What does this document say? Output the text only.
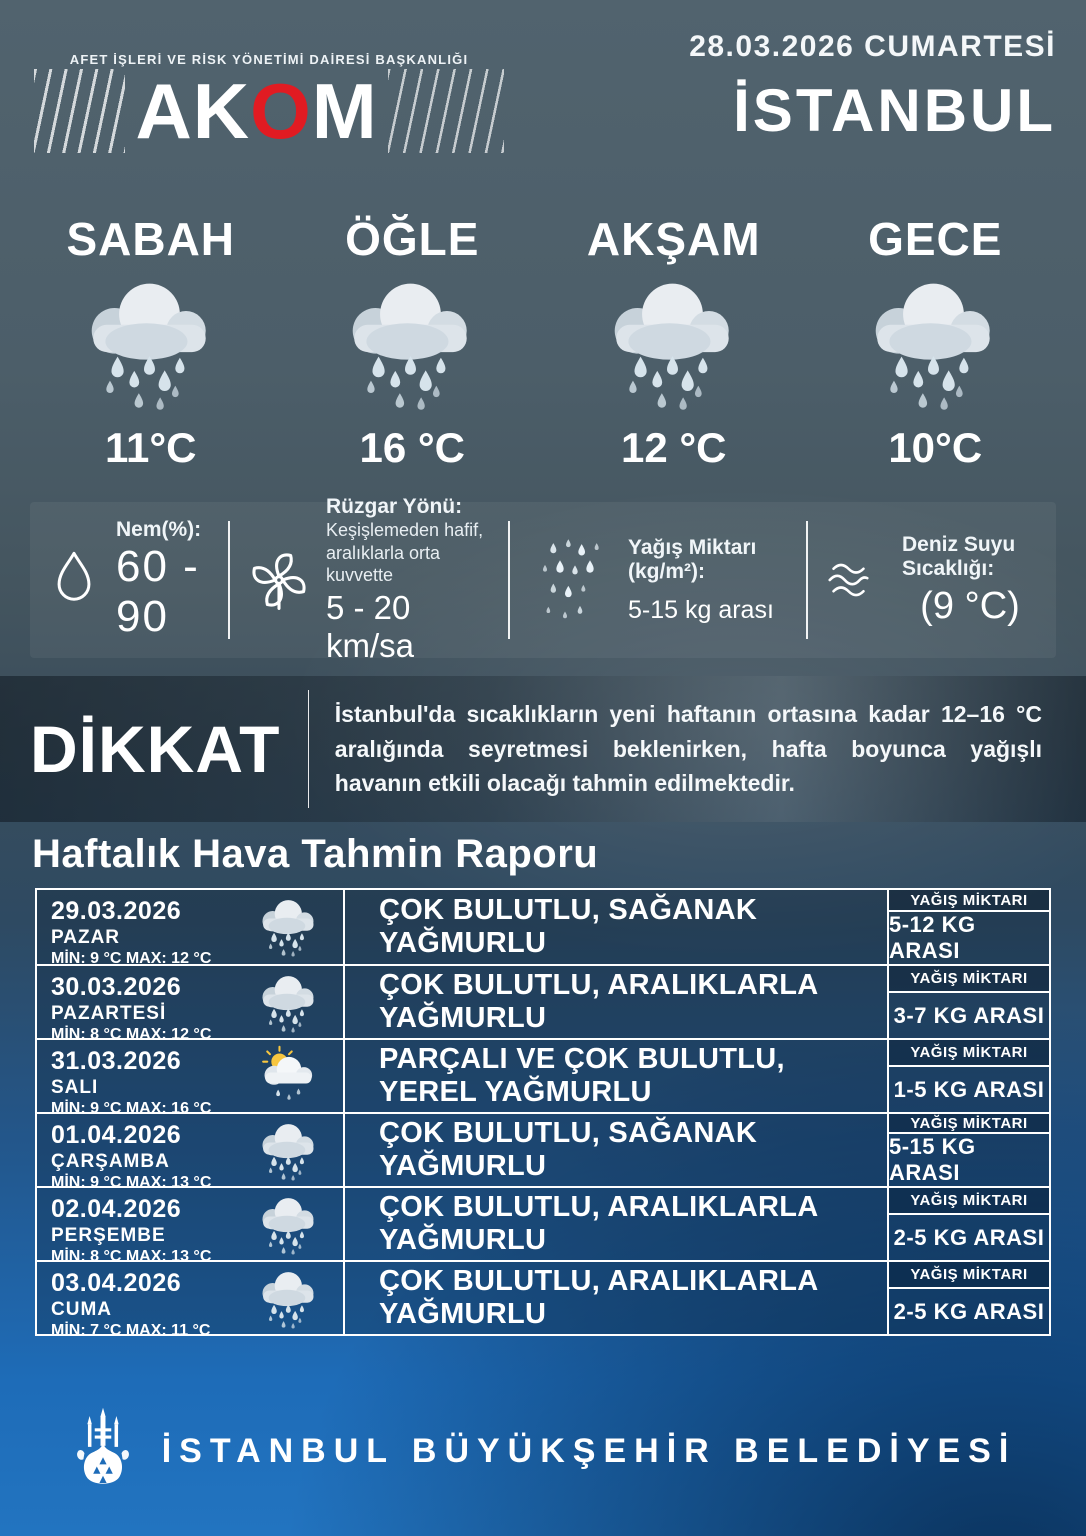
AFET İŞLERİ VE RİSK YÖNETİMİ DAİRESİ BAŞKANLIĞI
AKOM
28.03.2026 CUMARTESİ
İSTANBUL
SABAH
11°C
ÖĞLE
16 °C
AKŞAM
12 °C
GECE
10°C
Nem(%):
60 - 90
Rüzgar Yönü:
Keşişlemeden hafif, aralıklarla orta kuvvette
5 - 20 km/sa
Yağış Miktarı (kg/m²):
5-15 kg arası
Deniz Suyu Sıcaklığı:
(9 °C)
DİKKAT	İstanbul'da sıcaklıkların yeni haftanın ortasına kadar 12–16 °C aralığında seyretmesi beklenirken, hafta boyunca yağışlı havanın etkili olacağı tahmin edilmektedir.
Haftalık Hava Tahmin Raporu
29.03.2026
PAZAR
MİN: 9 °C MAX: 12 °C
ÇOK BULUTLU, SAĞANAK YAĞMURLU
YAĞIŞ MİKTARI
5-12 KG ARASI
30.03.2026
PAZARTESİ
MİN: 8 °C MAX: 12 °C
ÇOK BULUTLU, ARALIKLARLA YAĞMURLU
YAĞIŞ MİKTARI
3-7 KG ARASI
31.03.2026
SALI
MİN: 9 °C MAX: 16 °C
PARÇALI VE ÇOK BULUTLU, YEREL YAĞMURLU
YAĞIŞ MİKTARI
1-5 KG ARASI
01.04.2026
ÇARŞAMBA
MİN: 9 °C MAX: 13 °C
ÇOK BULUTLU, SAĞANAK YAĞMURLU
YAĞIŞ MİKTARI
5-15 KG ARASI
02.04.2026
PERŞEMBE
MİN: 8 °C MAX: 13 °C
ÇOK BULUTLU, ARALIKLARLA YAĞMURLU
YAĞIŞ MİKTARI
2-5 KG ARASI
03.04.2026
CUMA
MİN: 7 °C MAX: 11 °C
ÇOK BULUTLU, ARALIKLARLA YAĞMURLU
YAĞIŞ MİKTARI
2-5 KG ARASI
İSTANBUL BÜYÜKŞEHİR BELEDİYESİ
